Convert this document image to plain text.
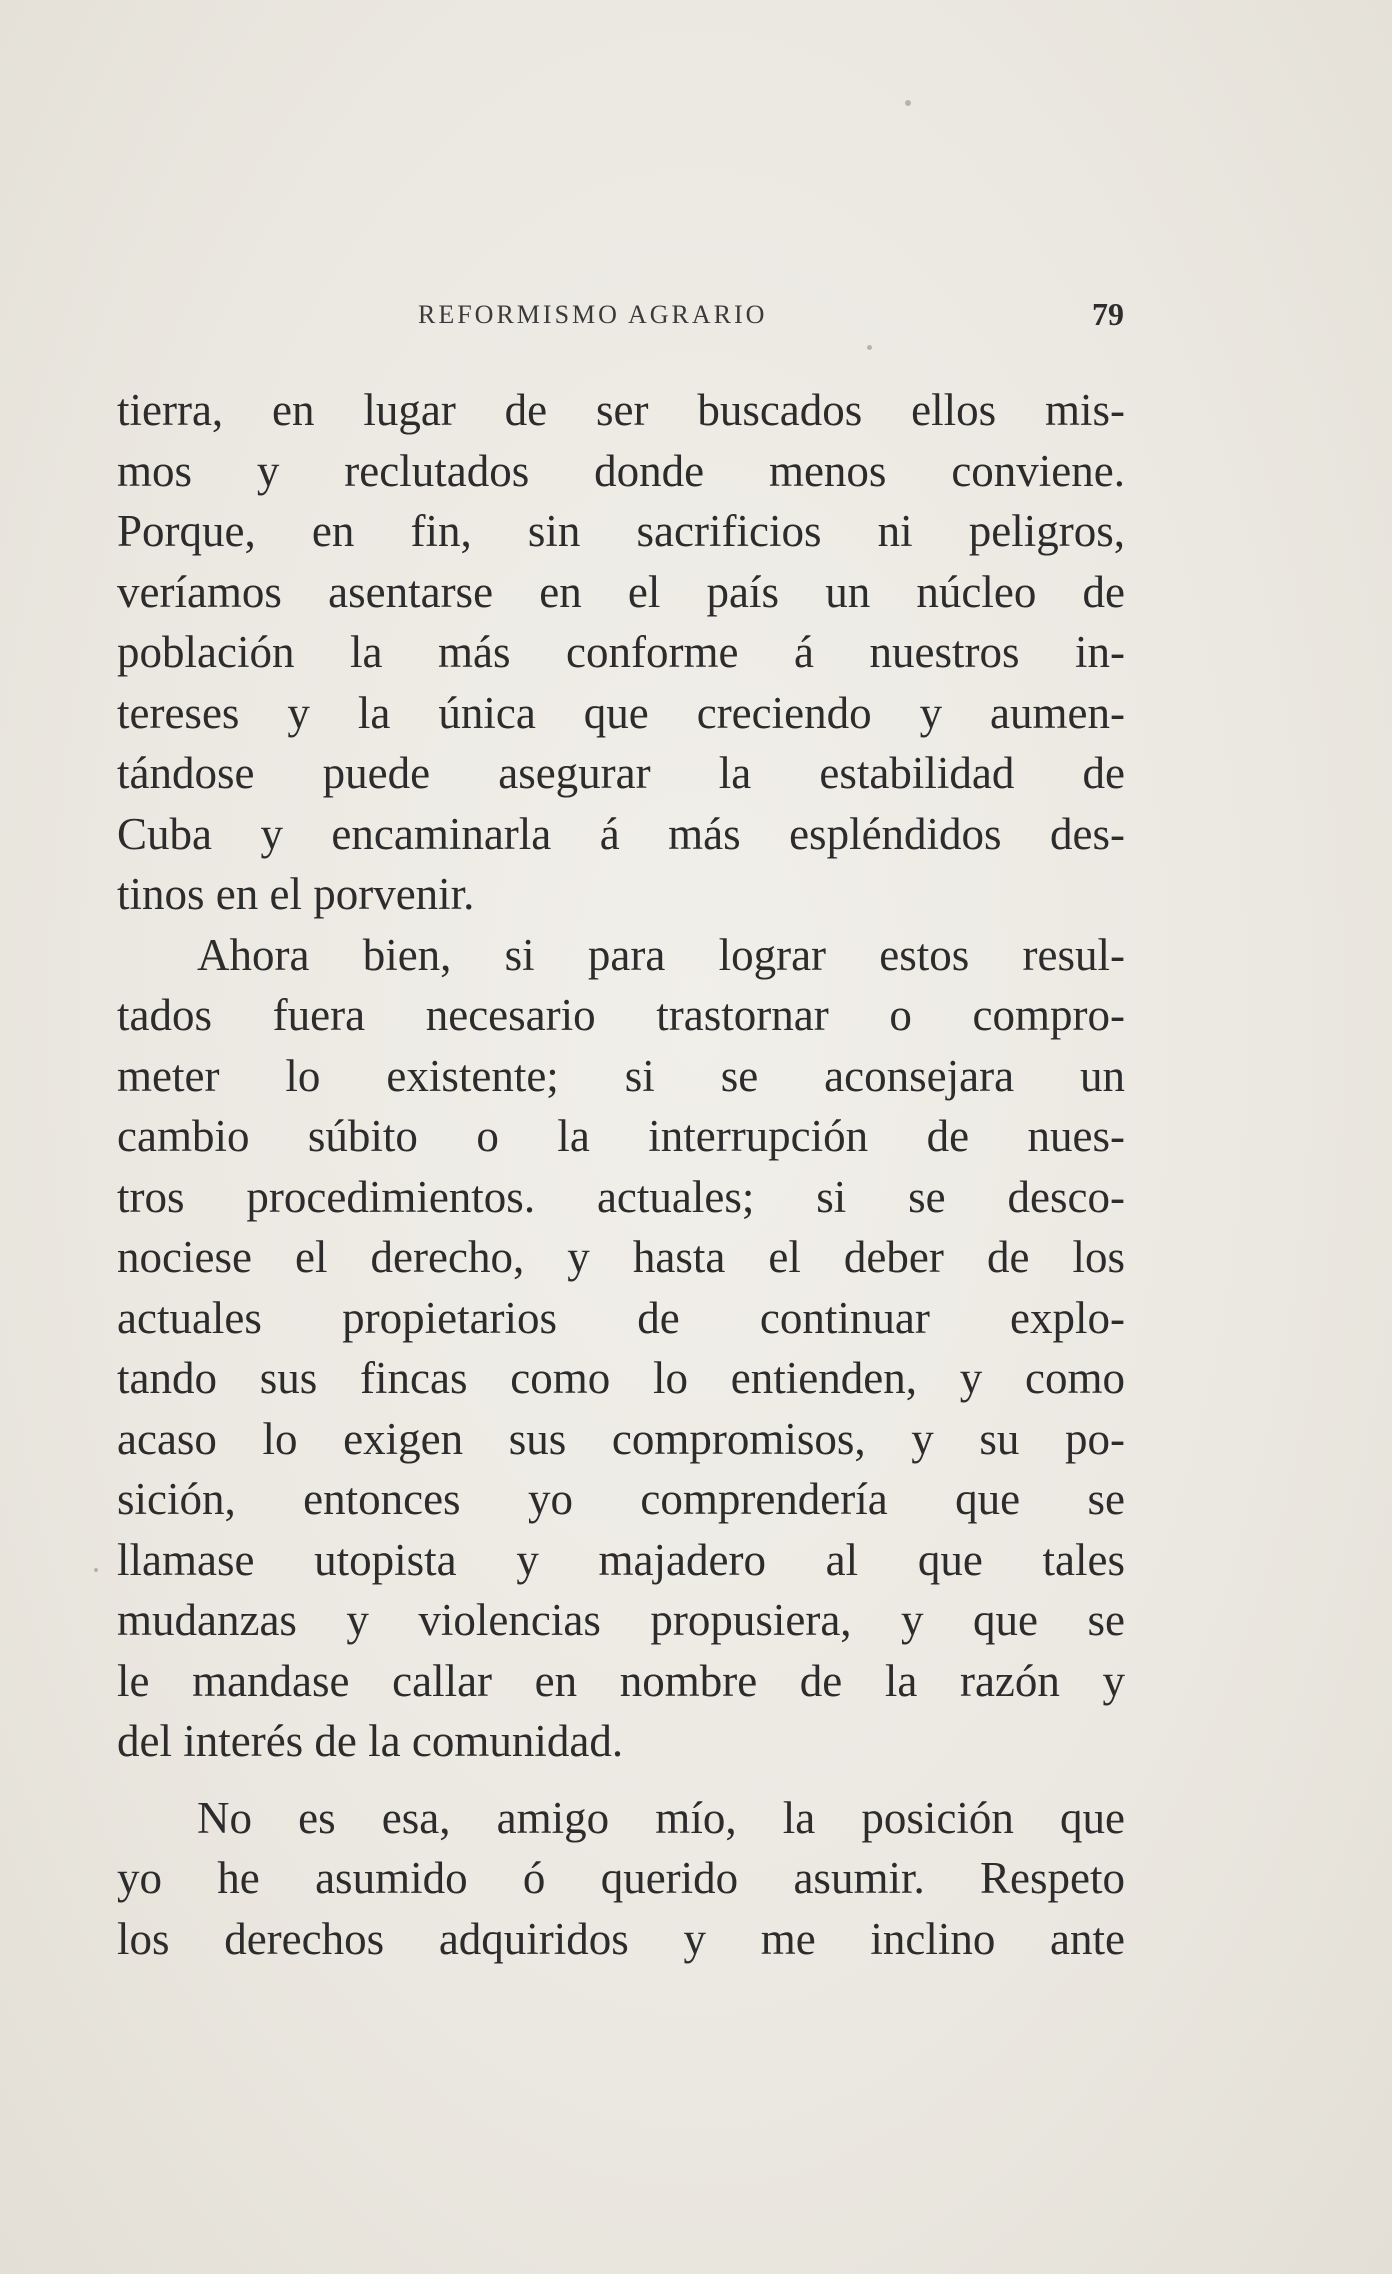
REFORMISMO AGRARIO	79
tierra, en lugar de ser buscados ellos mis-
mos y reclutados donde menos conviene.
Porque, en fin, sin sacrificios ni peligros,
veríamos asentarse en el país un núcleo de
población la más conforme á nuestros in-
tereses y la única que creciendo y aumen-
tándose puede asegurar la estabilidad de
Cuba y encaminarla á más espléndidos des-
tinos en el porvenir.
Ahora bien, si para lograr estos resul-
tados fuera necesario trastornar o compro-
meter lo existente; si se aconsejara un
cambio súbito o la interrupción de nues-
tros procedimientos. actuales; si se desco-
nociese el derecho, y hasta el deber de los
actuales propietarios de continuar explo-
tando sus fincas como lo entienden, y como
acaso lo exigen sus compromisos, y su po-
sición, entonces yo comprendería que se
llamase utopista y majadero al que tales
mudanzas y violencias propusiera, y que se
le mandase callar en nombre de la razón y
del interés de la comunidad.
No es esa, amigo mío, la posición que
yo he asumido ó querido asumir. Respeto
los derechos adquiridos y me inclino ante
